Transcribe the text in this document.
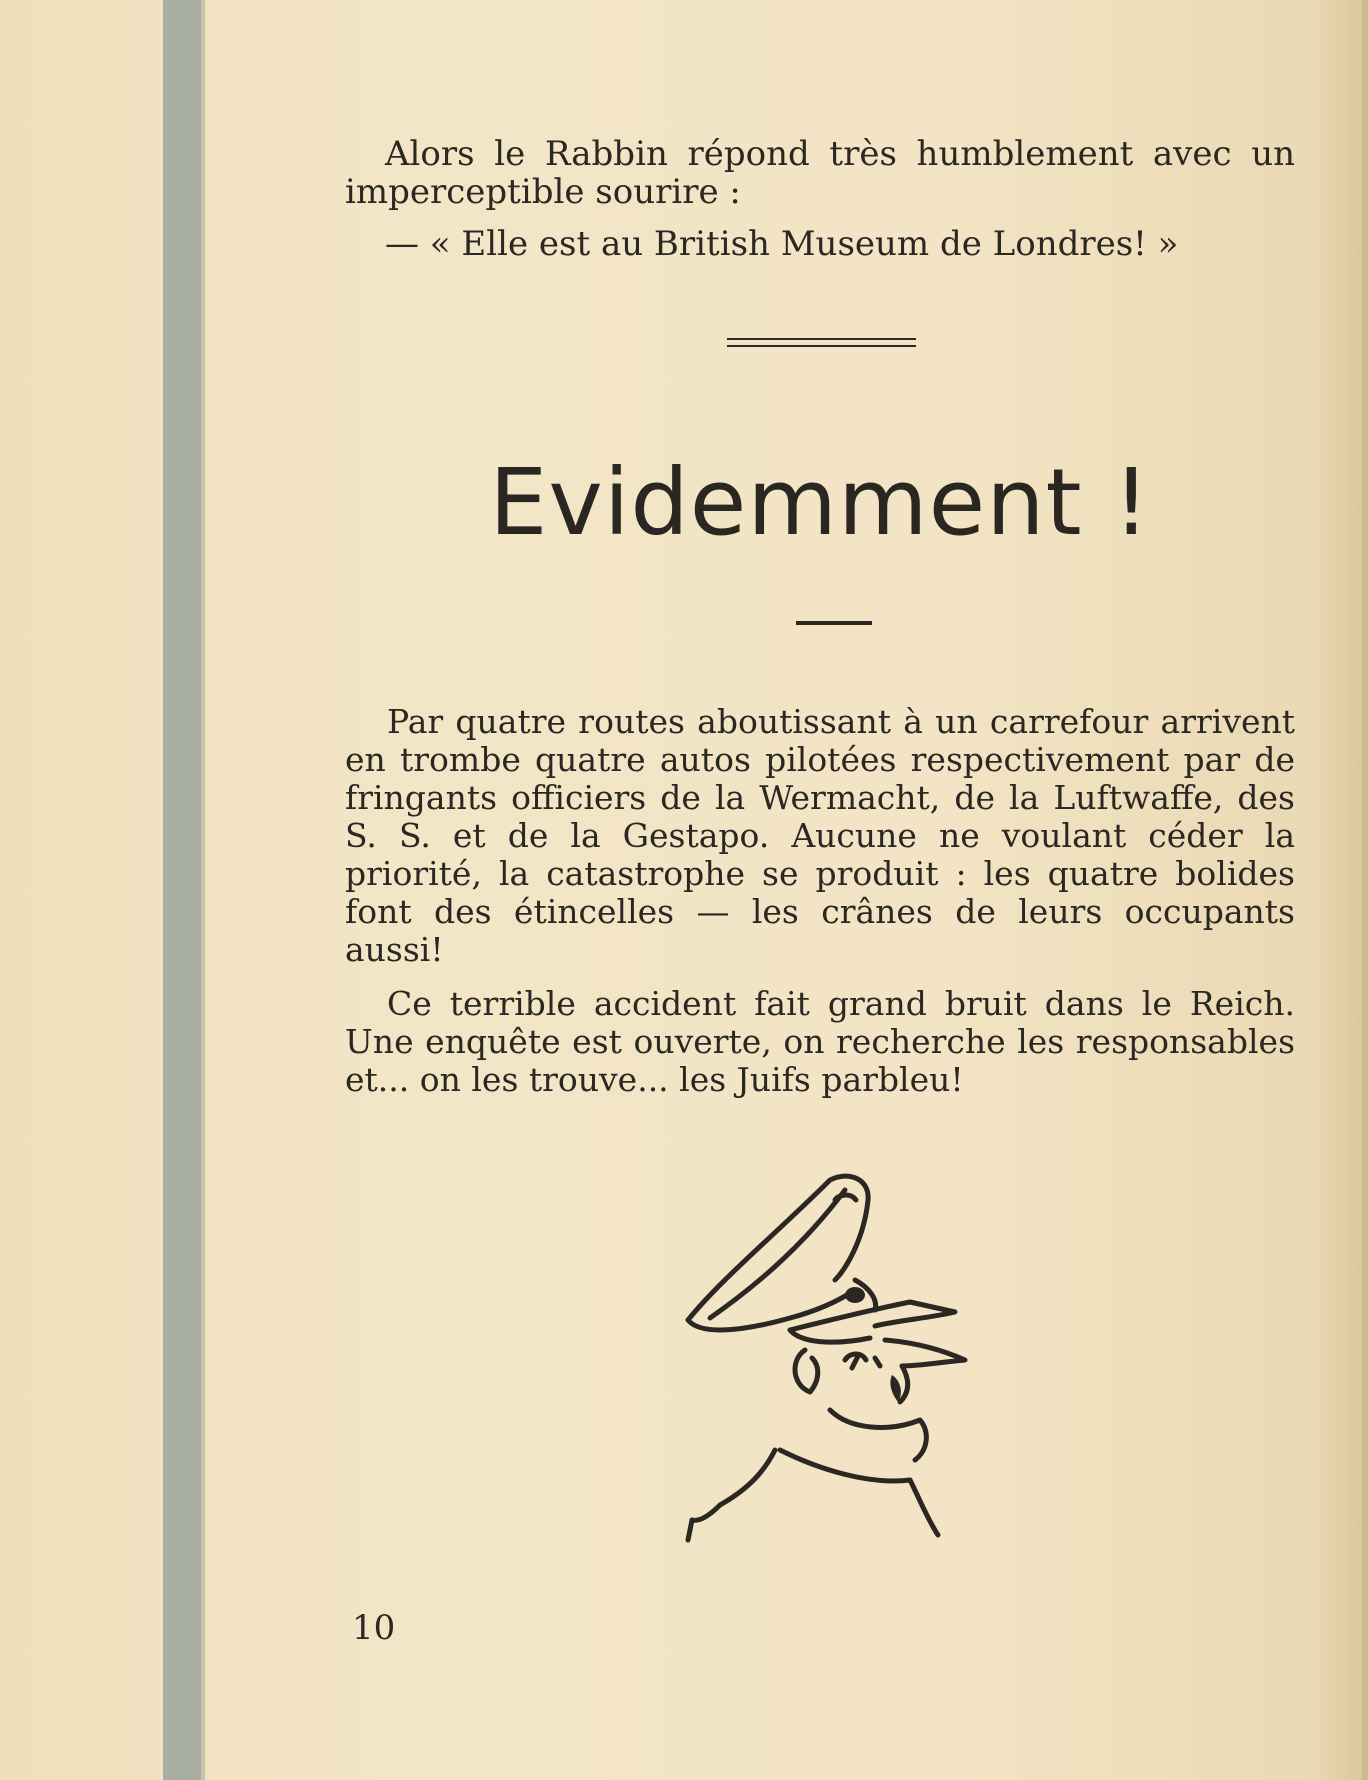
Alors le Rabbin répond très humblement avec un imperceptible sourire :

— « Elle est au British Museum de Londres! »

Evidemment !

Par quatre routes aboutissant à un carrefour arrivent en trombe quatre autos pilotées respectivement par de fringants officiers de la Wermacht, de la Luftwaffe, des S. S. et de la Gestapo. Aucune ne voulant céder la priorité, la catastrophe se produit : les quatre bolides font des étincelles — les crânes de leurs occupants aussi!

Ce terrible accident fait grand bruit dans le Reich. Une enquête est ouverte, on recherche les responsables et... on les trouve... les Juifs parbleu!

10
